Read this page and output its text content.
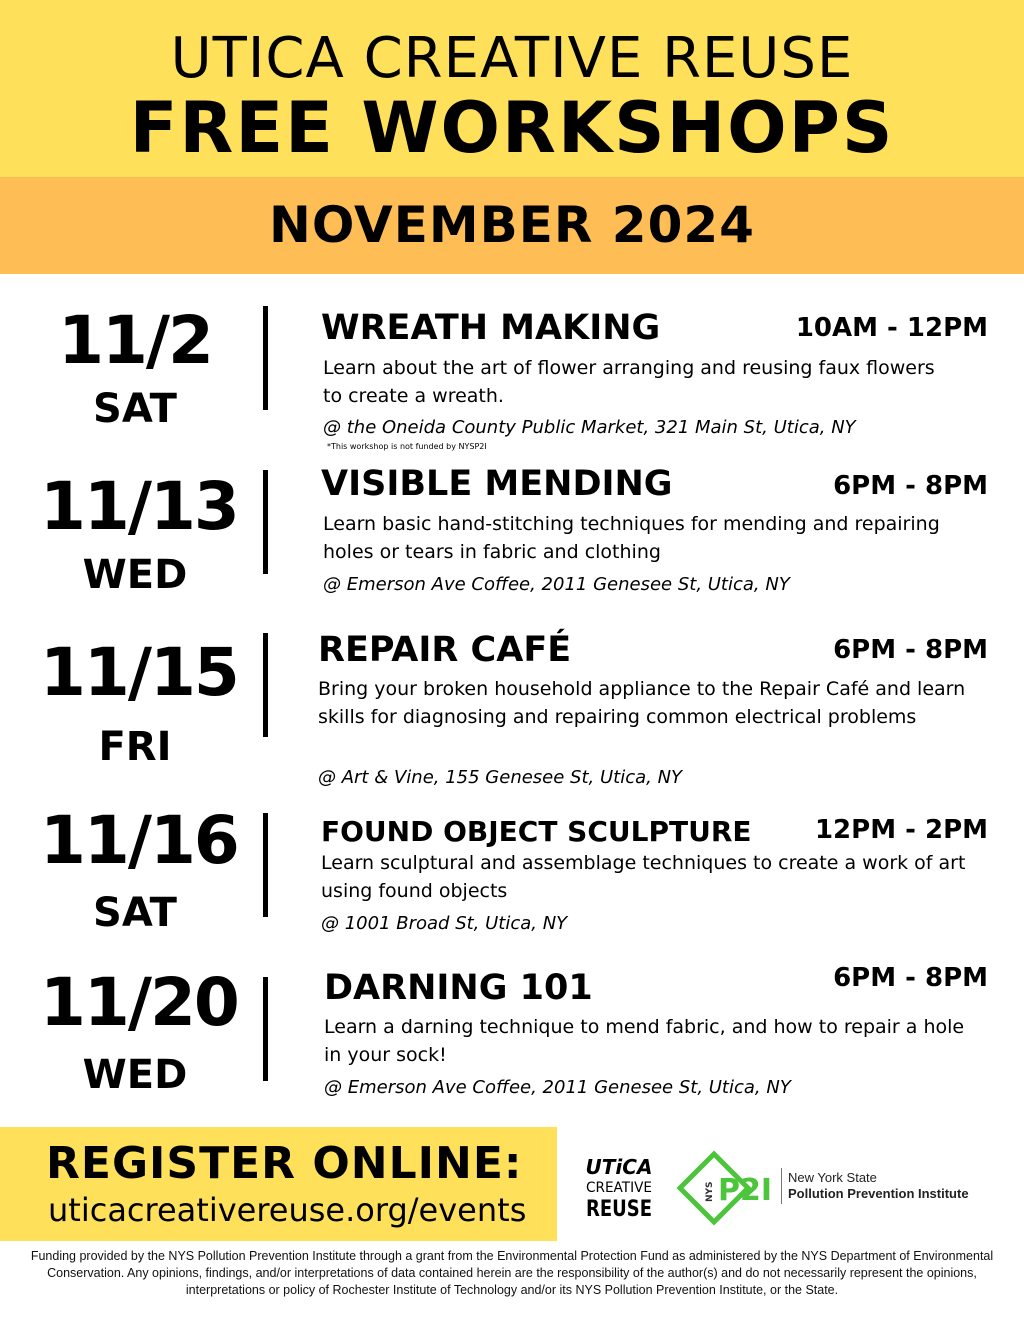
UTICA CREATIVE REUSE
FREE WORKSHOPS
NOVEMBER 2024
11/2
SAT
WREATH MAKING	10AM - 12PM
Learn about the art of flower arranging and reusing faux flowers to create a wreath.
@ the Oneida County Public Market, 321 Main St, Utica, NY
*This workshop is not funded by NYSP2I
11/13
WED
VISIBLE MENDING	6PM - 8PM
Learn basic hand-stitching techniques for mending and repairing holes or tears in fabric and clothing
@ Emerson Ave Coffee, 2011 Genesee St, Utica, NY
11/15
FRI
REPAIR CAFÉ	6PM - 8PM
Bring your broken household appliance to the Repair Café and learn skills for diagnosing and repairing common electrical problems
@ Art & Vine, 155 Genesee St, Utica, NY
11/16
SAT
FOUND OBJECT SCULPTURE 12PM - 2PM
Learn sculptural and assemblage techniques to create a work of art using found objects
@ 1001 Broad St, Utica, NY
11/20
WED
DARNING 101	6PM - 8PM
Learn a darning technique to mend fabric, and how to repair a hole in your sock!
@ Emerson Ave Coffee, 2011 Genesee St, Utica, NY
REGISTER ONLINE:
uticacreativereuse.org/events
UTiCA
CREATIVE
REUSE
NYS P2I New York State
Pollution Prevention Institute
Funding provided by the NYS Pollution Prevention Institute through a grant from the Environmental Protection Fund as administered by the NYS Department of Environmental Conservation. Any opinions, findings, and/or interpretations of data contained herein are the responsibility of the author(s) and do not necessarily represent the opinions, interpretations or policy of Rochester Institute of Technology and/or its NYS Pollution Prevention Institute, or the State.
